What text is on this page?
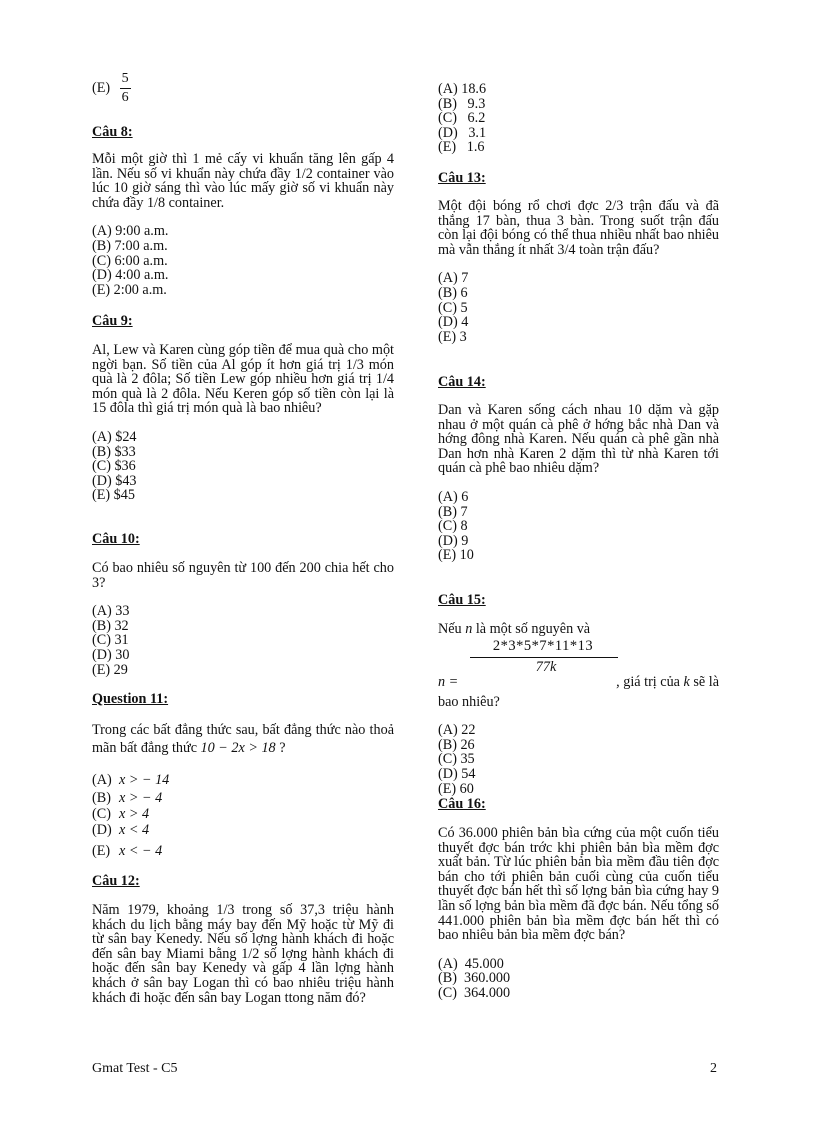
$(E) \frac{5}{6}$

Câu 8:

Mỗi một giờ thì 1 mẻ cấy vi khuẩn tăng lên gấp 4 lần. Nếu số vi khuẩn này chứa đầy 1/2 container vào lúc 10 giờ sáng thì vào lúc mấy giờ số vi khuẩn này chứa đầy 1/8 container.

(A) 9:00 a.m.
(B) 7:00 a.m.
(C) 6:00 a.m.
(D) 4:00 a.m.
(E) 2:00 a.m.

Câu 9:

Al, Lew và Karen cùng góp tiền để mua quà cho một ngời bạn. Số tiền của Al góp ít hơn giá trị 1/3 món quà là 2 đôla; Số tiền Lew góp nhiều hơn giá trị 1/4 món quà là 2 đôla. Nếu Keren góp số tiền còn lại là 15 đôla thì giá trị món quà là bao nhiêu?

(A) $24
(B) $33
(C) $36
(D) $43
(E) $45

Câu 10:

Có bao nhiêu số nguyên từ 100 đến 200 chia hết cho 3?

(A) 33
(B) 32
(C) 31
(D) 30
(E) 29

Question 11:

Trong các bất đẳng thức sau, bất đẳng thức nào thoả mãn bất đẳng thức 10 − 2x > 18 ?

(A) x > − 14
(B) x > − 4
(C) x > 4
(D) x < 4
(E) x < − 4

Câu 12:

Năm 1979, khoảng 1/3 trong số 37,3 triệu hành khách du lịch bằng máy bay đến Mỹ hoặc từ Mỹ đi từ sân bay Kenedy. Nếu số lợng hành khách đi hoặc đến sân bay Miami bằng 1/2 số lợng hành khách đi hoặc đến sân bay Kenedy và gấp 4 lần lợng hành khách ở sân bay Logan thì có bao nhiêu triệu hành khách đi hoặc đến sân bay Logan ttong năm đó?

(A) 18.6
(B)   9.3
(C)   6.2
(D)   3.1
(E)   1.6

Câu 13:

Một đội bóng rổ chơi đợc 2/3 trận đấu và đã thắng 17 bàn, thua 3 bàn. Trong suốt trận đấu còn lại đội bóng có thể thua nhiều nhất bao nhiêu mà vẫn thắng ít nhất 3/4 toàn trận đấu?

(A) 7
(B) 6
(C) 5
(D) 4
(E) 3

Câu 14:

Dan và Karen sống cách nhau 10 dặm và gặp nhau ở một quán cà phê ở hớng bắc nhà Dan và hớng đông nhà Karen. Nếu quán cà phê gần nhà Dan hơn nhà Karen 2 dặm thì từ nhà Karen tới quán cà phê bao nhiêu dặm?

(A) 6
(B) 7
(C) 8
(D) 9
(E) 10

Câu 15:

Nếu n là một số nguyên và

2*3*5*7*11*13
77k
n =	, giá trị của k sẽ là

bao nhiêu?

(A) 22
(B) 26
(C) 35
(D) 54
(E) 60

Câu 16:

Có 36.000 phiên bản bìa cứng của một cuốn tiểu thuyết đợc bán trớc khi phiên bản bìa mềm đợc xuất bản. Từ lúc phiên bản bìa mềm đầu tiên đợc bán cho tới phiên bản cuối cùng của cuốn tiểu thuyết đợc bán hết thì số lợng bản bìa cứng hay 9 lần số lợng bản bìa mềm đã đợc bán. Nếu tổng số 441.000 phiên bản bìa mềm đợc bán hết thì có bao nhiêu bản bìa mềm đợc bán?

(A)  45.000
(B)  360.000
(C)  364.000
Gmat Test - C5	2
